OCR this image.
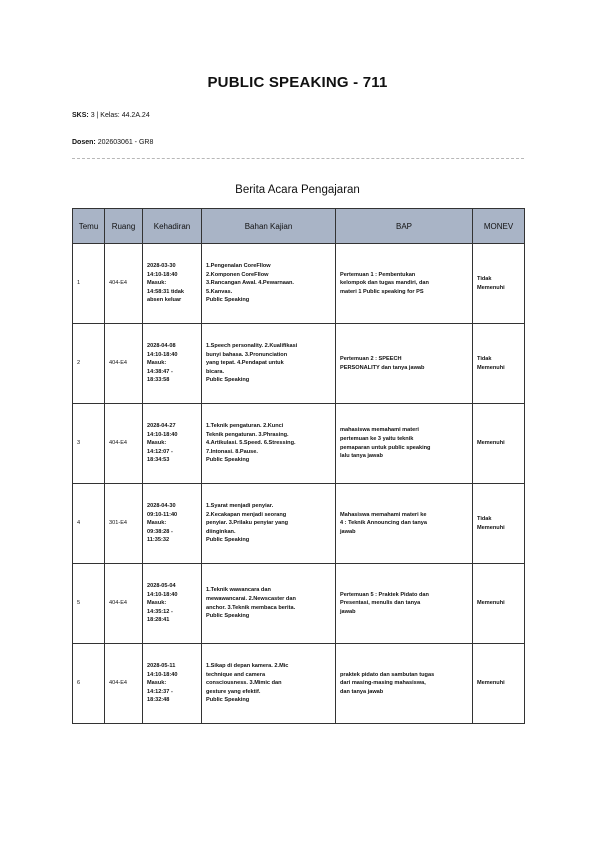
PUBLIC SPEAKING - 711
SKS: 3 | Kelas: 44.2A.24
Dosen: 202603061 - GR8
Berita Acara Pengajaran
Temu	Ruang	Kehadiran	Bahan Kajian	BAP	MONEV
1	404-E4	2028-03-30
14:10-18:40
Masuk:
14:58:31 tidak
absen keluar	1.Pengenalan CoreFllow
2.Komponen CoreFllow
3.Rancangan Awal. 4.Pewarnaan.
5.Kanvas.
Public Speaking	Pertemuan 1 : Pembentukan
kelompok dan tugas mandiri, dan
materi 1 Public speaking for PS	Tidak
Memenuhi

2	404-E4	2028-04-08
14:10-18:40
Masuk:
14:38:47 -
18:33:58	1.Speech personality. 2.Kualifikasi
bunyi bahasa. 3.Pronunciation
yang tepat. 4.Pendapat untuk
bicara.
Public Speaking	Pertemuan 2 : SPEECH
PERSONALITY dan tanya jawab	Tidak
Memenuhi

3	404-E4	2028-04-27
14:10-18:40
Masuk:
14:12:07 -
18:34:53	1.Teknik pengaturan. 2.Kunci
Teknik pengaturan. 3.Phrasing.
4.Artikulasi. 5.Speed. 6.Stressing.
7.Intonasi. 8.Pause.
Public Speaking	mahasiswa memahami materi
pertemuan ke 3 yaitu teknik
pemaparan untuk public speaking
lalu tanya jawab	Memenuhi

4	301-E4	2028-04-30
09:10-11:40
Masuk:
09:38:28 -
11:35:32	1.Syarat menjadi penyiar.
2.Kecakapan menjadi seorang
penyiar. 3.Prilaku penyiar yang
diinginkan.
Public Speaking	Mahasiswa memahami materi ke
4 : Teknik Announcing dan tanya
jawab	Tidak
Memenuhi

5	404-E4	2028-05-04
14:10-18:40
Masuk:
14:35:12 -
18:28:41	1.Teknik wawancara dan
mewawancarai. 2.Newscaster dan
anchor. 3.Teknik membaca berita.
Public Speaking	Pertemuan 5 : Praktek Pidato dan
Presentasi, menulis dan tanya
jawab	Memenuhi

6	404-E4	2028-05-11
14:10-18:40
Masuk:
14:12:37 -
18:32:48	1.Sikap di depan kamera. 2.Mic
technique and camera
consciousness. 3.Mimic dan
gesture yang efektif.
Public Speaking	praktek pidato dan sambutan tugas
dari masing-masing mahasiswa,
dan tanya jawab	Memenuhi
